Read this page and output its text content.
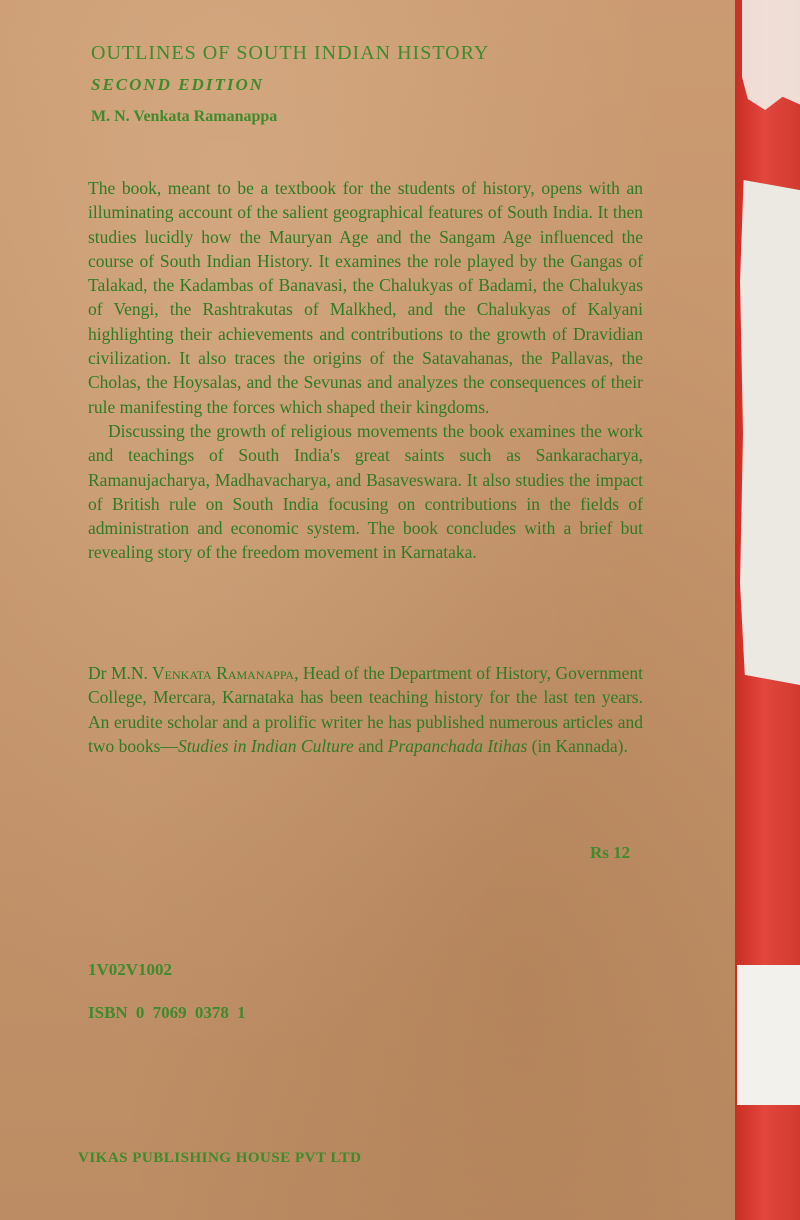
OUTLINES OF SOUTH INDIAN HISTORY
SECOND EDITION
M. N. Venkata Ramanappa

The book, meant to be a textbook for the students of history, opens with an illuminating account of the salient geographical features of South India. It then studies lucidly how the Mauryan Age and the Sangam Age influenced the course of South Indian History. It examines the role played by the Gangas of Talakad, the Kadambas of Banavasi, the Chalukyas of Badami, the Chalukyas of Vengi, the Rashtrakutas of Malkhed, and the Chalukyas of Kalyani highlighting their achievements and contributions to the growth of Dravidian civilization. It also traces the origins of the Satavahanas, the Pallavas, the Cholas, the Hoysalas, and the Sevunas and analyzes the consequences of their rule manifesting the forces which shaped their kingdoms.

Discussing the growth of religious movements the book examines the work and teachings of South India's great saints such as Sankaracharya, Ramanujacharya, Madhavacharya, and Basaveswara. It also studies the impact of British rule on South India focusing on contributions in the fields of administration and economic system. The book concludes with a brief but revealing story of the freedom movement in Karnataka.

Dr M.N. Venkata Ramanappa, Head of the Department of History, Government College, Mercara, Karnataka has been teaching history for the last ten years. An erudite scholar and a prolific writer he has published numerous articles and two books—Studies in Indian Culture and Prapanchada Itihas (in Kannada).

Rs 12

1V02V1002

ISBN 0 7069 0378 1

VIKAS PUBLISHING HOUSE PVT LTD
